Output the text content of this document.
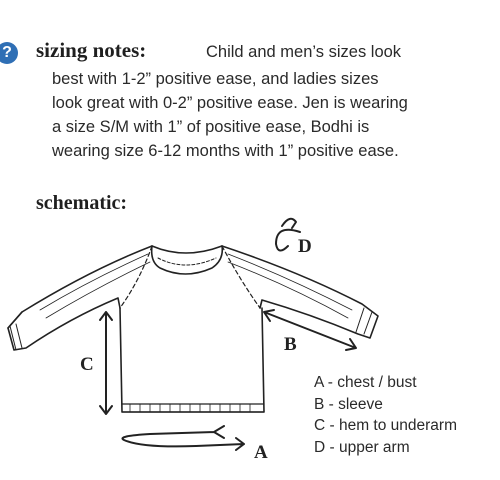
? sizing notes:	Child and men’s sizes look
best with 1-2” positive ease, and ladies sizes
look great with 0-2” positive ease. Jen is wearing
a size S/M with 1” of positive ease, Bodhi is
wearing size 6-12 months with 1” positive ease.
schematic:
D
B
C
A
A - chest / bust
B - sleeve
C - hem to underarm
D - upper arm
